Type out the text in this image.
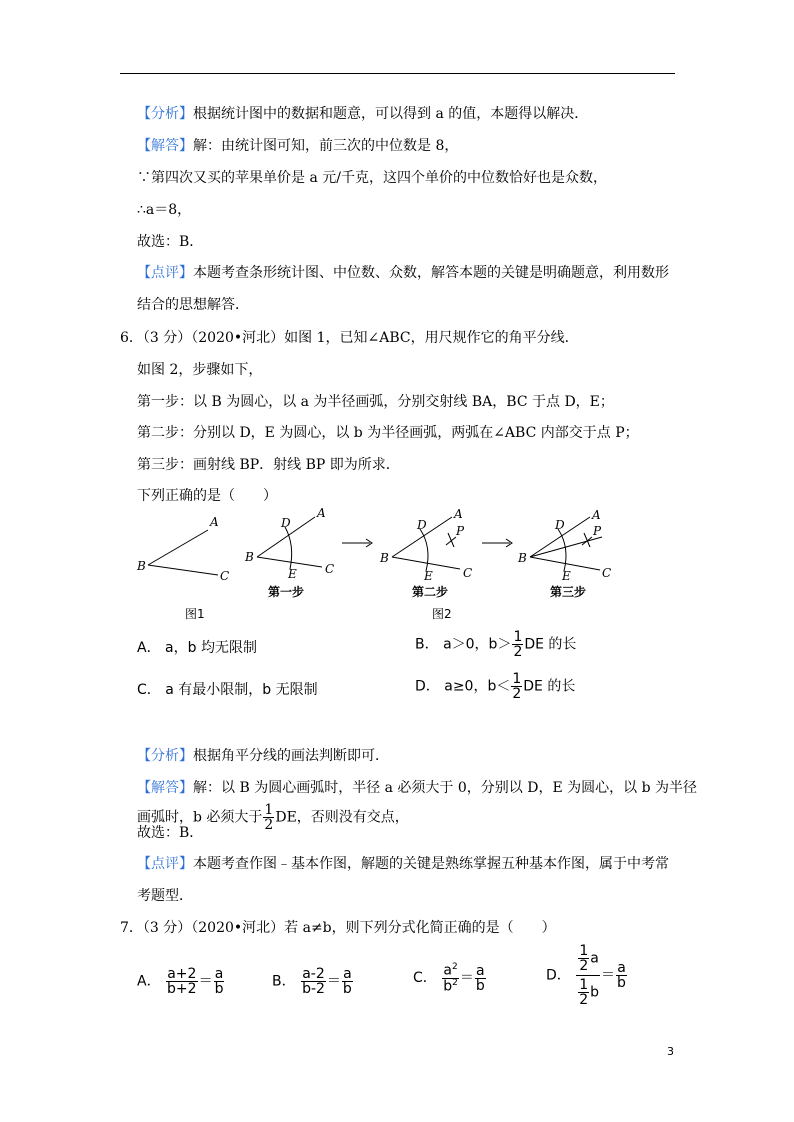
【分析】根据统计图中的数据和题意，可以得到 a 的值，本题得以解决．
【解答】解：由统计图可知，前三次的中位数是 8，
∵第四次又买的苹果单价是 a 元/千克，这四个单价的中位数恰好也是众数，
∴a＝8，
故选：B．
【点评】本题考查条形统计图、中位数、众数，解答本题的关键是明确题意，利用数形
结合的思想解答．
6．（3 分）（2020•河北）如图 1，已知∠ABC，用尺规作它的角平分线．
如图 2，步骤如下，
第一步：以 B 为圆心，以 a 为半径画弧，分别交射线 BA，BC 于点 D，E；
第二步：分别以 D，E 为圆心，以 b 为半径画弧，两弧在∠ABC 内部交于点 P；
第三步：画射线 BP．射线 BP 即为所求．
下列正确的是（　　）
A
B
C
A
B
C
D
E
A
B
C
D
E
P
A
B
C
D
E
P
图1
第一步	第二步
图2
第三步
A． a，b 均无限制	B． a＞0，$b> \frac{1}{2}$ DE 的长
C． a 有最小限制，b 无限制	D． a≥0，$b< \frac{1}{2}$ DE 的长
【分析】根据角平分线的画法判断即可．
【解答】解：以 B 为圆心画弧时，半径 a 必须大于 0，分别以 D，E 为圆心，以 b 为半径
画弧时，b 必须大于 $\frac{1}{2}$ DE，否则没有交点，
故选：B．
【点评】本题考查作图﹣基本作图，解题的关键是熟练掌握五种基本作图，属于中考常
考题型．
7．（3 分）（2020•河北）若 a≠b，则下列分式化简正确的是（　　）
A． $\frac{a+2}{b+2} = \frac{a}{b}$	B． $\frac{a-2}{b-2} = \frac{a}{b}$	C． $\frac{a^2}{b^2} = \frac{a}{b}$	D． $\frac{\frac{1}{2} a}{\frac{1}{2} b} = \frac{a}{b}$
3
